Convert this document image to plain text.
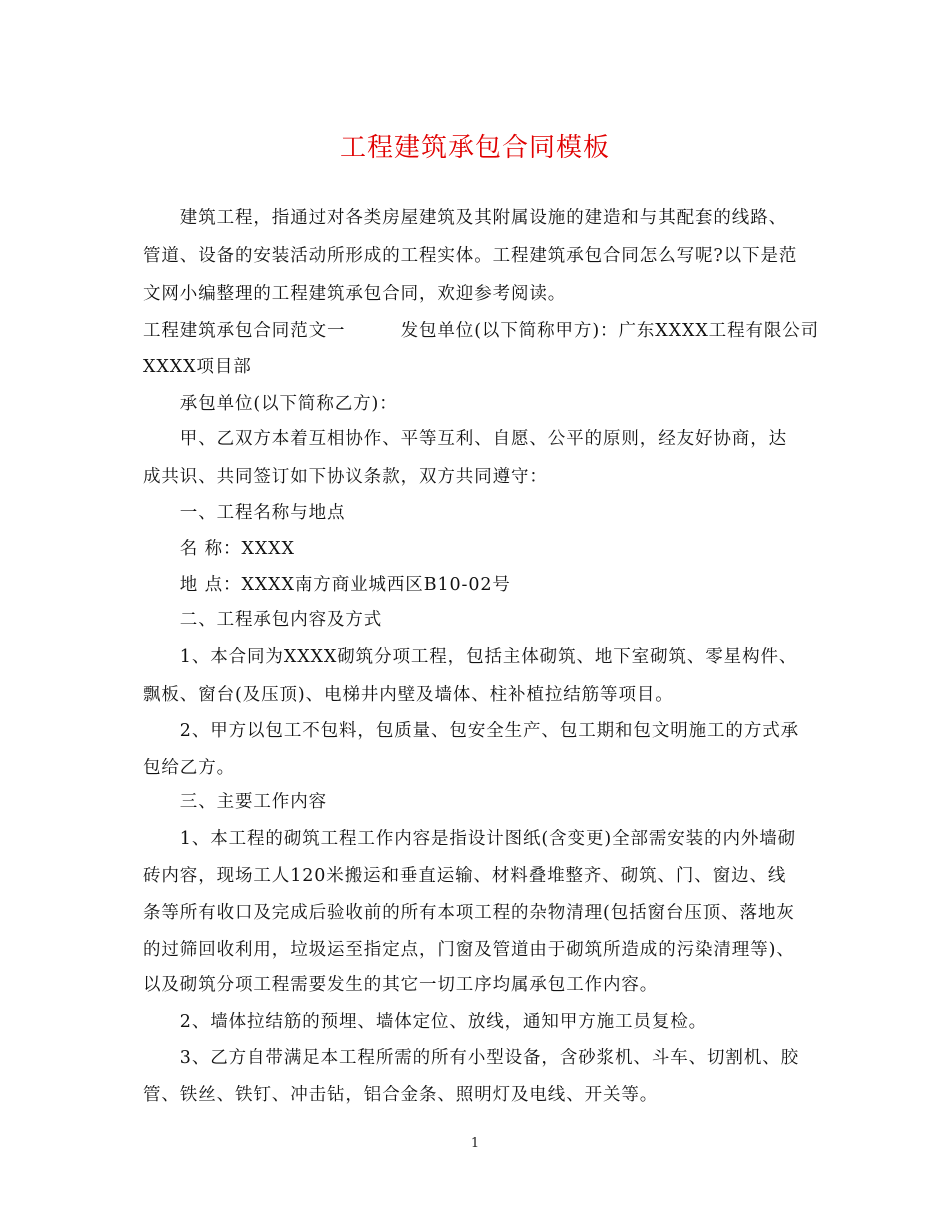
工程建筑承包合同模板
　　建筑工程，指通过对各类房屋建筑及其附属设施的建造和与其配套的线路、
管道、设备的安装活动所形成的工程实体。工程建筑承包合同怎么写呢?以下是范
文网小编整理的工程建筑承包合同，欢迎参考阅读。
工程建筑承包合同范文一　　　发包单位(以下简称甲方)：广东XXXX工程有限公司
XXXX项目部
　　承包单位(以下简称乙方)：
　　甲、乙双方本着互相协作、平等互利、自愿、公平的原则，经友好协商，达
成共识、共同签订如下协议条款，双方共同遵守：
　　一、工程名称与地点
　　名 称：XXXX
　　地 点：XXXX南方商业城西区B10-02号
　　二、工程承包内容及方式
　　1、本合同为XXXX砌筑分项工程，包括主体砌筑、地下室砌筑、零星构件、
飘板、窗台(及压顶)、电梯井内壁及墙体、柱补植拉结筋等项目。
　　2、甲方以包工不包料，包质量、包安全生产、包工期和包文明施工的方式承
包给乙方。
　　三、主要工作内容
　　1、本工程的砌筑工程工作内容是指设计图纸(含变更)全部需安装的内外墙砌
砖内容，现场工人120米搬运和垂直运输、材料叠堆整齐、砌筑、门、窗边、线
条等所有收口及完成后验收前的所有本项工程的杂物清理(包括窗台压顶、落地灰
的过筛回收利用，垃圾运至指定点，门窗及管道由于砌筑所造成的污染清理等)、
以及砌筑分项工程需要发生的其它一切工序均属承包工作内容。
　　2、墙体拉结筋的预埋、墙体定位、放线，通知甲方施工员复检。
　　3、乙方自带满足本工程所需的所有小型设备，含砂浆机、斗车、切割机、胶
管、铁丝、铁钉、冲击钻，铝合金条、照明灯及电线、开关等。
1
